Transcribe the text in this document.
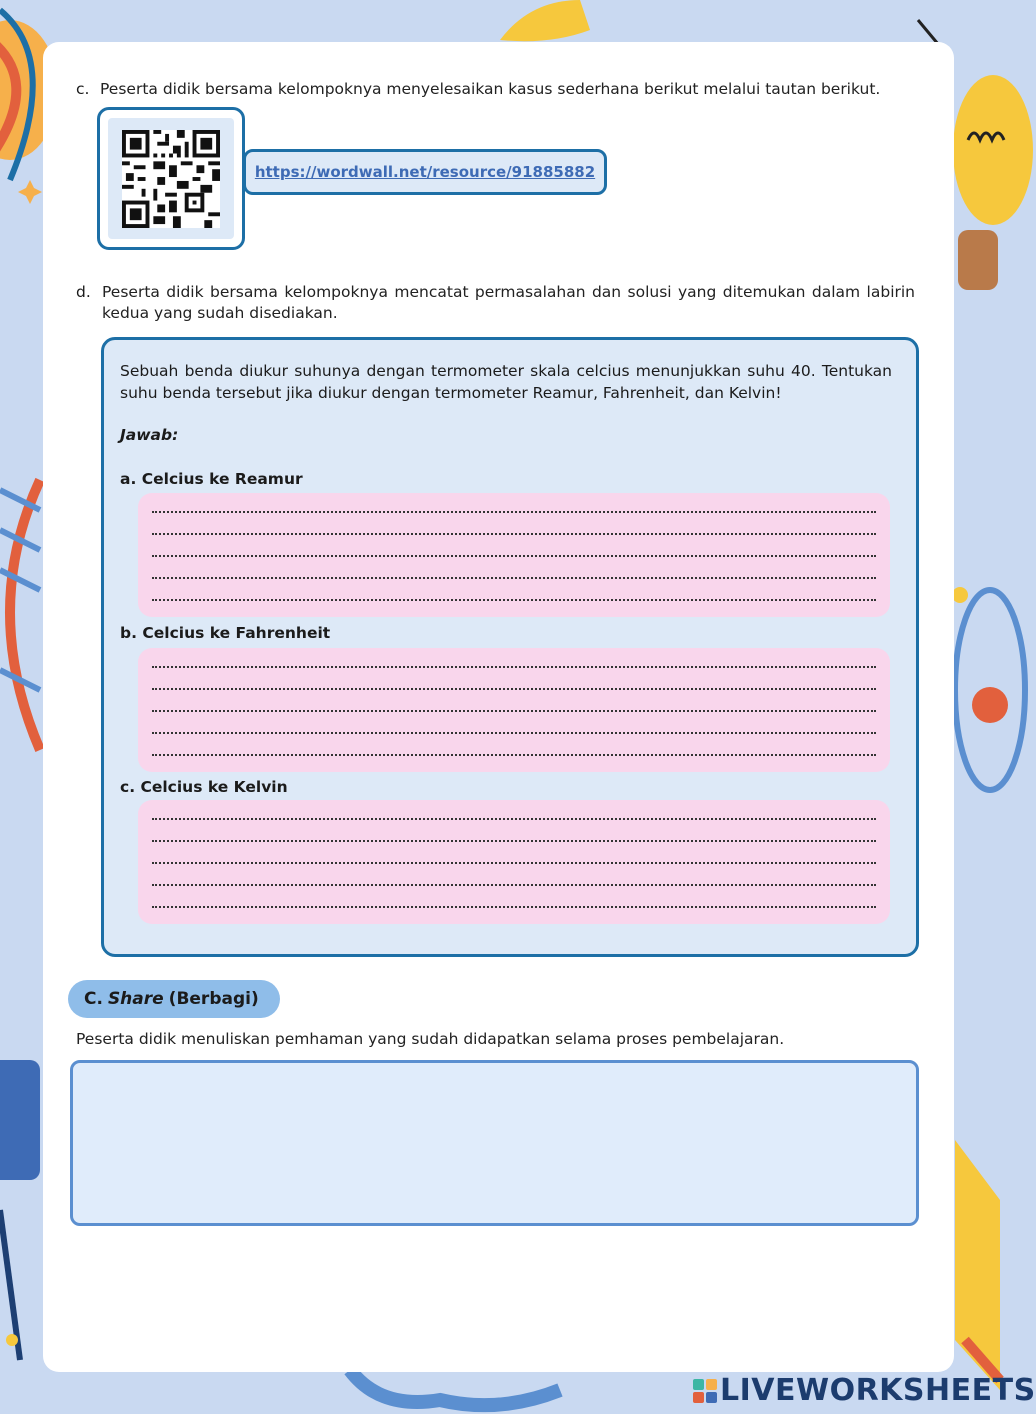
c. Peserta didik bersama kelompoknya menyelesaikan kasus sederhana berikut melalui tautan berikut.
https://wordwall.net/resource/91885882
d. Peserta didik bersama kelompoknya mencatat permasalahan dan solusi yang ditemukan dalam labirin kedua yang sudah disediakan.
Sebuah benda diukur suhunya dengan termometer skala celcius menunjukkan suhu 40. Tentukan suhu benda tersebut jika diukur dengan termometer Reamur, Fahrenheit, dan Kelvin!
Jawab:
a. Celcius ke Reamur
b. Celcius ke Fahrenheit
c. Celcius ke Kelvin
C. Share (Berbagi)
Peserta didik menuliskan pemhaman yang sudah didapatkan selama proses pembelajaran.
LIVEWORKSHEETS
